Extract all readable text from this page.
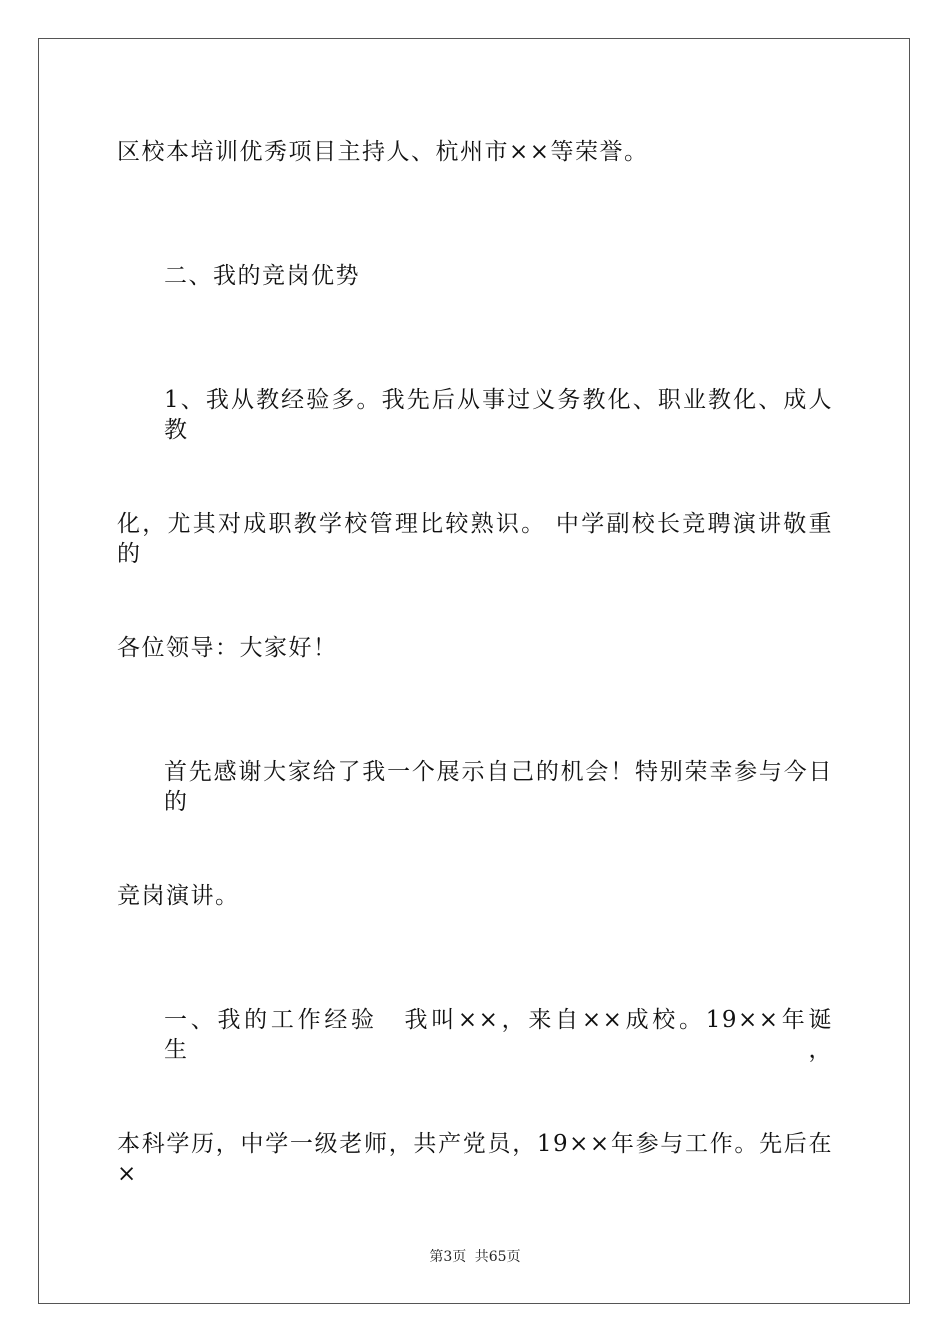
区校本培训优秀项目主持人、杭州市××等荣誉。
二、我的竞岗优势
1、我从教经验多。我先后从事过义务教化、职业教化、成人教
化，尤其对成职教学校管理比较熟识。 中学副校长竞聘演讲敬重的
各位领导：大家好！
首先感谢大家给了我一个展示自己的机会！特别荣幸参与今日的
竞岗演讲。
一、我的工作经验　我叫××，来自××成校。19××年诞生，
本科学历，中学一级老师，共产党员，19××年参与工作。先后在×
第3页 共65页
